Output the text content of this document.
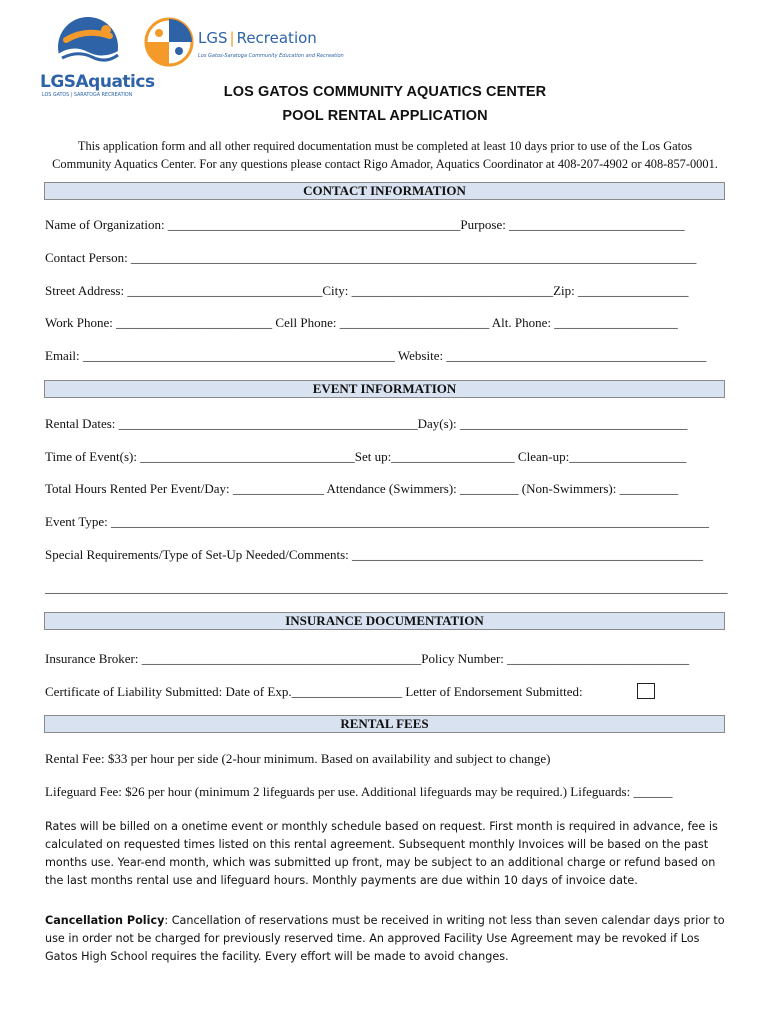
LGSAquatics
LOS GATOS | SARATOGA RECREATION
LGS | Recreation
Los Gatos-Saratoga Community Education and Recreation
LOS GATOS COMMUNITY AQUATICS CENTER
POOL RENTAL APPLICATION
This application form and all other required documentation must be completed at least 10 days prior to use of the Los Gatos
Community Aquatics Center. For any questions please contact Rigo Amador, Aquatics Coordinator at 408-207-4902 or 408-857-0001.
CONTACT INFORMATION
Name of Organization: _____________________________________________Purpose: ___________________________
Contact Person: _______________________________________________________________________________________
Street Address: ______________________________City: _______________________________Zip: _________________
Work Phone: ________________________ Cell Phone: _______________________ Alt. Phone: ___________________
Email: ________________________________________________ Website: ________________________________________
EVENT INFORMATION
Rental Dates: ______________________________________________Day(s): ___________________________________
Time of Event(s): _________________________________Set up:___________________ Clean-up:__________________
Total Hours Rented Per Event/Day: ______________ Attendance (Swimmers): _________ (Non-Swimmers): _________
Event Type: ____________________________________________________________________________________________
Special Requirements/Type of Set-Up Needed/Comments: ______________________________________________________
_________________________________________________________________________________________________________
INSURANCE DOCUMENTATION
Insurance Broker: ___________________________________________Policy Number: ____________________________
Certificate of Liability Submitted: Date of Exp._________________ Letter of Endorsement Submitted:
RENTAL FEES
Rental Fee: $33 per hour per side (2-hour minimum. Based on availability and subject to change)
Lifeguard Fee: $26 per hour (minimum 2 lifeguards per use. Additional lifeguards may be required.) Lifeguards: ______
Rates will be billed on a onetime event or monthly schedule based on request. First month is required in advance, fee is calculated on requested times listed on this rental agreement. Subsequent monthly Invoices will be based on the past months use. Year-end month, which was submitted up front, may be subject to an additional charge or refund based on the last months rental use and lifeguard hours. Monthly payments are due within 10 days of invoice date.
Cancellation Policy: Cancellation of reservations must be received in writing not less than seven calendar days prior to use in order not be charged for previously reserved time. An approved Facility Use Agreement may be revoked if Los Gatos High School requires the facility. Every effort will be made to avoid changes.
